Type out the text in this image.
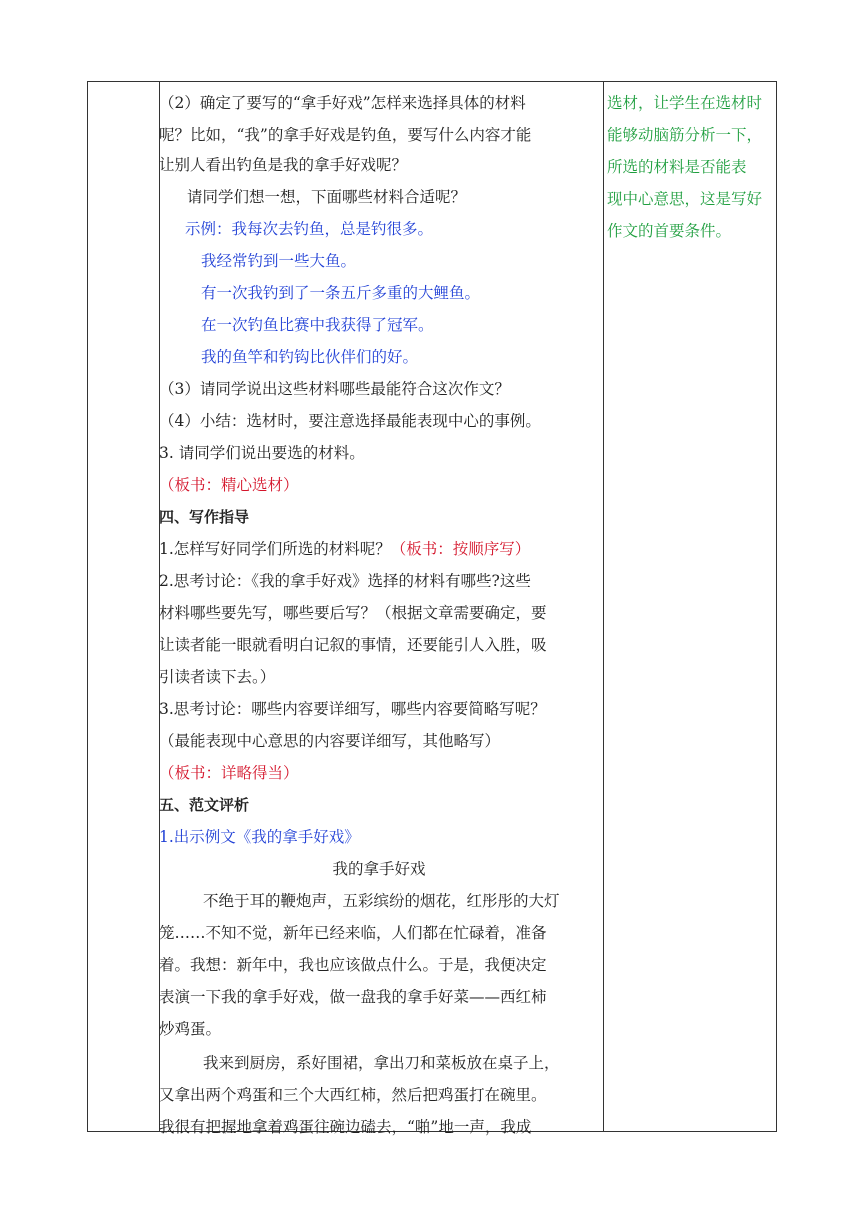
（2）确定了要写的“拿手好戏”怎样来选择具体的材料
呢？比如，“我”的拿手好戏是钓鱼，要写什么内容才能
让别人看出钓鱼是我的拿手好戏呢？
请同学们想一想，下面哪些材料合适呢？
示例：我每次去钓鱼，总是钓很多。
我经常钓到一些大鱼。
有一次我钓到了一条五斤多重的大鲤鱼。
在一次钓鱼比赛中我获得了冠军。
我的鱼竿和钓钩比伙伴们的好。
（3）请同学说出这些材料哪些最能符合这次作文？
（4）小结：选材时，要注意选择最能表现中心的事例。
3. 请同学们说出要选的材料。
（板书：精心选材）
四、写作指导
1.怎样写好同学们所选的材料呢？（板书：按顺序写）
2.思考讨论：《我的拿手好戏》选择的材料有哪些?这些
材料哪些要先写，哪些要后写？（根据文章需要确定，要
让读者能一眼就看明白记叙的事情，还要能引人入胜，吸
引读者读下去。）
3.思考讨论：哪些内容要详细写，哪些内容要简略写呢？
（最能表现中心意思的内容要详细写，其他略写）
（板书：详略得当）
五、范文评析
1.出示例文《我的拿手好戏》
我的拿手好戏
不绝于耳的鞭炮声，五彩缤纷的烟花，红彤彤的大灯
笼……不知不觉，新年已经来临，人们都在忙碌着，准备
着。我想：新年中，我也应该做点什么。于是，我便决定
表演一下我的拿手好戏，做一盘我的拿手好菜——西红柿
炒鸡蛋。
我来到厨房，系好围裙，拿出刀和菜板放在桌子上，
又拿出两个鸡蛋和三个大西红柿，然后把鸡蛋打在碗里。
我很有把握地拿着鸡蛋往碗边磕去，“啪”地一声，我成
选材，让学生在选材时
能够动脑筋分析一下，
所选的材料是否能表
现中心意思，这是写好
作文的首要条件。
